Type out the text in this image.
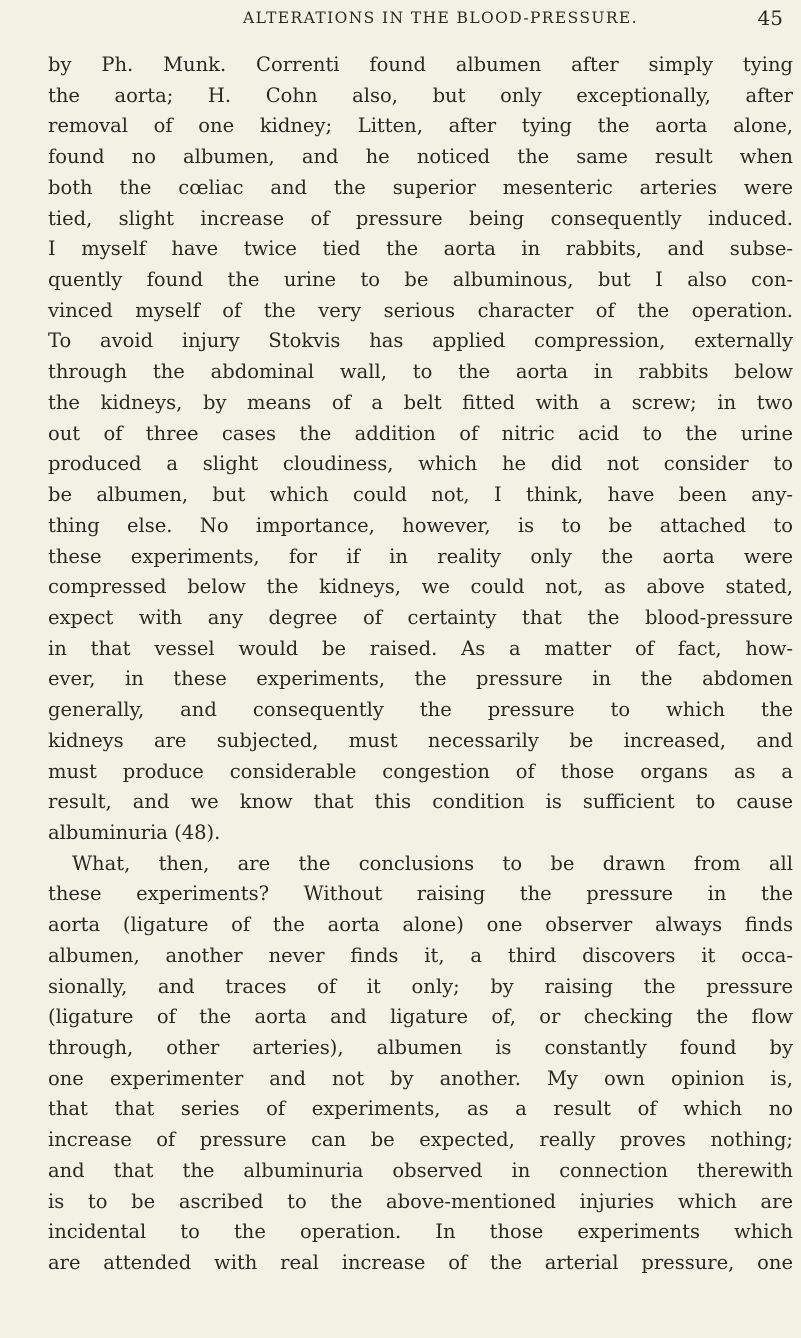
ALTERATIONS IN THE BLOOD-PRESSURE.	45
by Ph. Munk. Correnti found albumen after simply tying
the aorta; H. Cohn also, but only exceptionally, after
removal of one kidney; Litten, after tying the aorta alone,
found no albumen, and he noticed the same result when
both the cœliac and the superior mesenteric arteries were
tied, slight increase of pressure being consequently induced.
I myself have twice tied the aorta in rabbits, and subse-
quently found the urine to be albuminous, but I also con-
vinced myself of the very serious character of the operation.
To avoid injury Stokvis has applied compression, externally
through the abdominal wall, to the aorta in rabbits below
the kidneys, by means of a belt fitted with a screw; in two
out of three cases the addition of nitric acid to the urine
produced a slight cloudiness, which he did not consider to
be albumen, but which could not, I think, have been any-
thing else. No importance, however, is to be attached to
these experiments, for if in reality only the aorta were
compressed below the kidneys, we could not, as above stated,
expect with any degree of certainty that the blood-pressure
in that vessel would be raised. As a matter of fact, how-
ever, in these experiments, the pressure in the abdomen
generally, and consequently the pressure to which the
kidneys are subjected, must necessarily be increased, and
must produce considerable congestion of those organs as a
result, and we know that this condition is sufficient to cause
albuminuria (48).
What, then, are the conclusions to be drawn from all
these experiments? Without raising the pressure in the
aorta (ligature of the aorta alone) one observer always finds
albumen, another never finds it, a third discovers it occa-
sionally, and traces of it only; by raising the pressure
(ligature of the aorta and ligature of, or checking the flow
through, other arteries), albumen is constantly found by
one experimenter and not by another. My own opinion is,
that that series of experiments, as a result of which no
increase of pressure can be expected, really proves nothing;
and that the albuminuria observed in connection therewith
is to be ascribed to the above-mentioned injuries which are
incidental to the operation. In those experiments which
are attended with real increase of the arterial pressure, one
